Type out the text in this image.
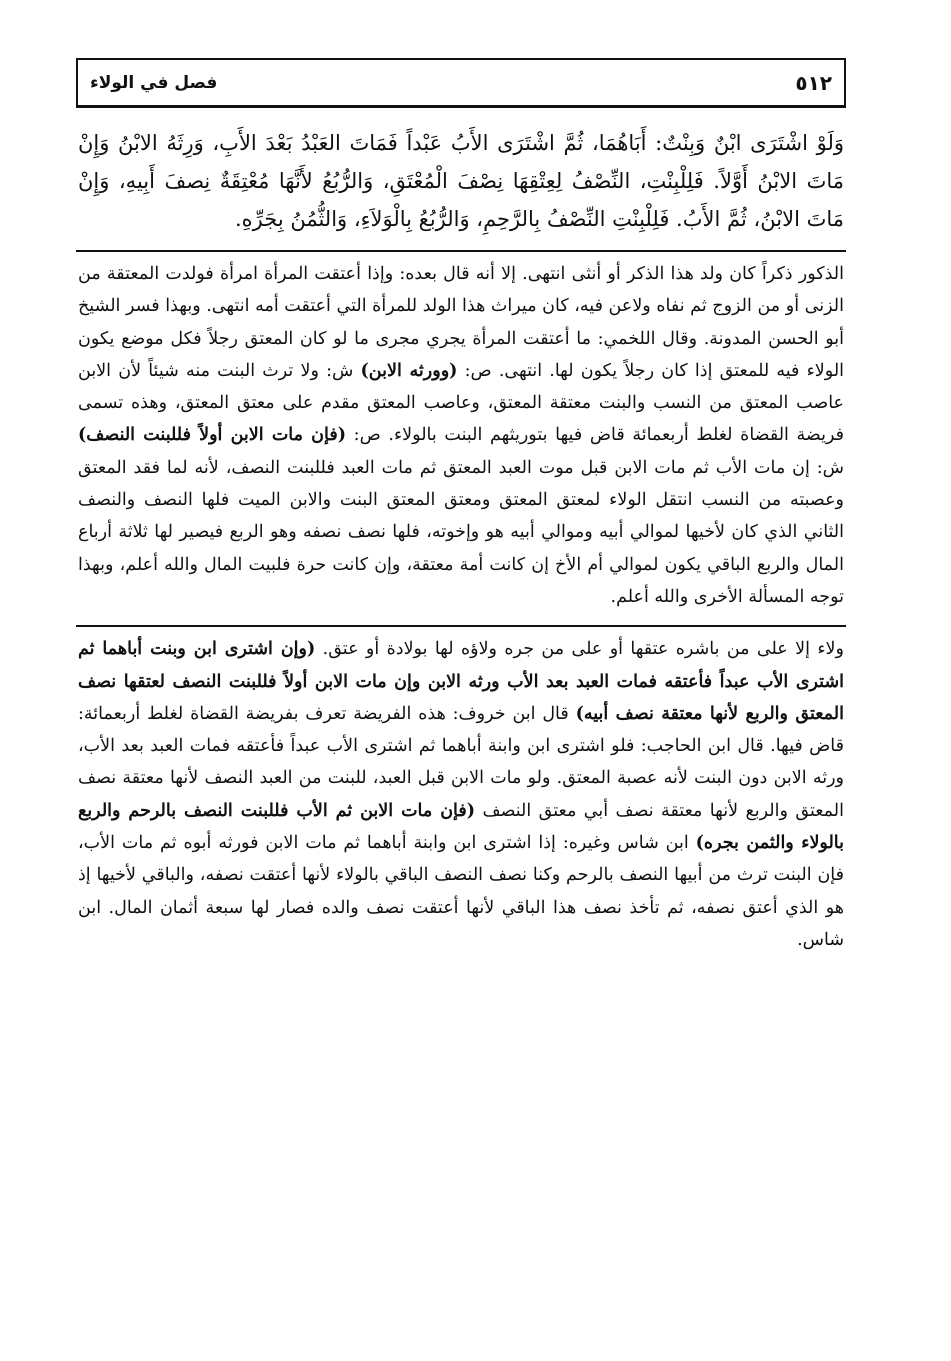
٥١٢
فصل في الولاء
وَلَوْ اشْتَرَى ابْنٌ وَبِنْتٌ: أَبَاهُمَا، ثُمَّ اشْتَرَى الأَبُ عَبْداً فَمَاتَ العَبْدُ بَعْدَ الأَبِ، وَرِثَهُ الابْنُ وَإِنْ مَاتَ الابْنُ أَوَّلاً. فَلِلْبِنْتِ، النِّصْفُ لِعِتْقِهَا نِصْفَ الْمُعْتَقِ، وَالرُّبُعُ لأَنَّهَا مُعْتِقَةٌ نِصفَ أَبِيهِ، وَإِنْ مَاتَ الابْنُ، ثُمَّ الأَبُ. فَلِلْبِنْتِ النِّصْفُ بِالرَّحِمِ، وَالرُّبُعُ بِالْوَلاَءِ، وَالثُّمُنُ بِجَرِّهِ.
الذكور ذكراً كان ولد هذا الذكر أو أنثى انتهى. إلا أنه قال بعده: وإذا أعتقت المرأة امرأة فولدت المعتقة من الزنى أو من الزوج ثم نفاه ولاعن فيه، كان ميراث هذا الولد للمرأة التي أعتقت أمه انتهى. وبهذا فسر الشيخ أبو الحسن المدونة. وقال اللخمي: ما أعتقت المرأة يجري مجرى ما لو كان المعتق رجلاً فكل موضع يكون الولاء فيه للمعتق إذا كان رجلاً يكون لها. انتهى. ص: (وورثه الابن) ش: ولا ترث البنت منه شيئاً لأن الابن عاصب المعتق من النسب والبنت معتقة المعتق، وعاصب المعتق مقدم على معتق المعتق، وهذه تسمى فريضة القضاة لغلط أربعمائة قاض فيها بتوريثهم البنت بالولاء. ص: (فإن مات الابن أولاً فللبنت النصف) ش: إن مات الأب ثم مات الابن قبل موت العبد المعتق ثم مات العبد فللبنت النصف، لأنه لما فقد المعتق وعصبته من النسب انتقل الولاء لمعتق المعتق ومعتق المعتق البنت والابن الميت فلها النصف والنصف الثاني الذي كان لأخيها لموالي أبيه وموالي أبيه هو وإخوته، فلها نصف نصفه وهو الربع فيصير لها ثلاثة أرباع المال والربع الباقي يكون لموالي أم الأخ إن كانت أمة معتقة، وإن كانت حرة فلبيت المال والله أعلم، وبهذا توجه المسألة الأخرى والله أعلم.
ولاء إلا على من باشره عتقها أو على من جره ولاؤه لها بولادة أو عتق. (وإن اشترى ابن وبنت أباهما ثم اشترى الأب عبداً فأعتقه فمات العبد بعد الأب ورثه الابن وإن مات الابن أولاً فللبنت النصف لعتقها نصف المعتق والربع لأنها معتقة نصف أبيه) قال ابن خروف: هذه الفريضة تعرف بفريضة القضاة لغلط أربعمائة: قاض فيها. قال ابن الحاجب: فلو اشترى ابن وابنة أباهما ثم اشترى الأب عبداً فأعتقه فمات العبد بعد الأب، ورثه الابن دون البنت لأنه عصبة المعتق. ولو مات الابن قبل العبد، للبنت من العبد النصف لأنها معتقة نصف المعتق والربع لأنها معتقة نصف أبي معتق النصف (فإن مات الابن ثم الأب فللبنت النصف بالرحم والربع بالولاء والثمن بجره) ابن شاس وغيره: إذا اشترى ابن وابنة أباهما ثم مات الابن فورثه أبوه ثم مات الأب، فإن البنت ترث من أبيها النصف بالرحم وكنا نصف النصف الباقي بالولاء لأنها أعتقت نصفه، والباقي لأخيها إذ هو الذي أعتق نصفه، ثم تأخذ نصف هذا الباقي لأنها أعتقت نصف والده فصار لها سبعة أثمان المال. ابن شاس.
